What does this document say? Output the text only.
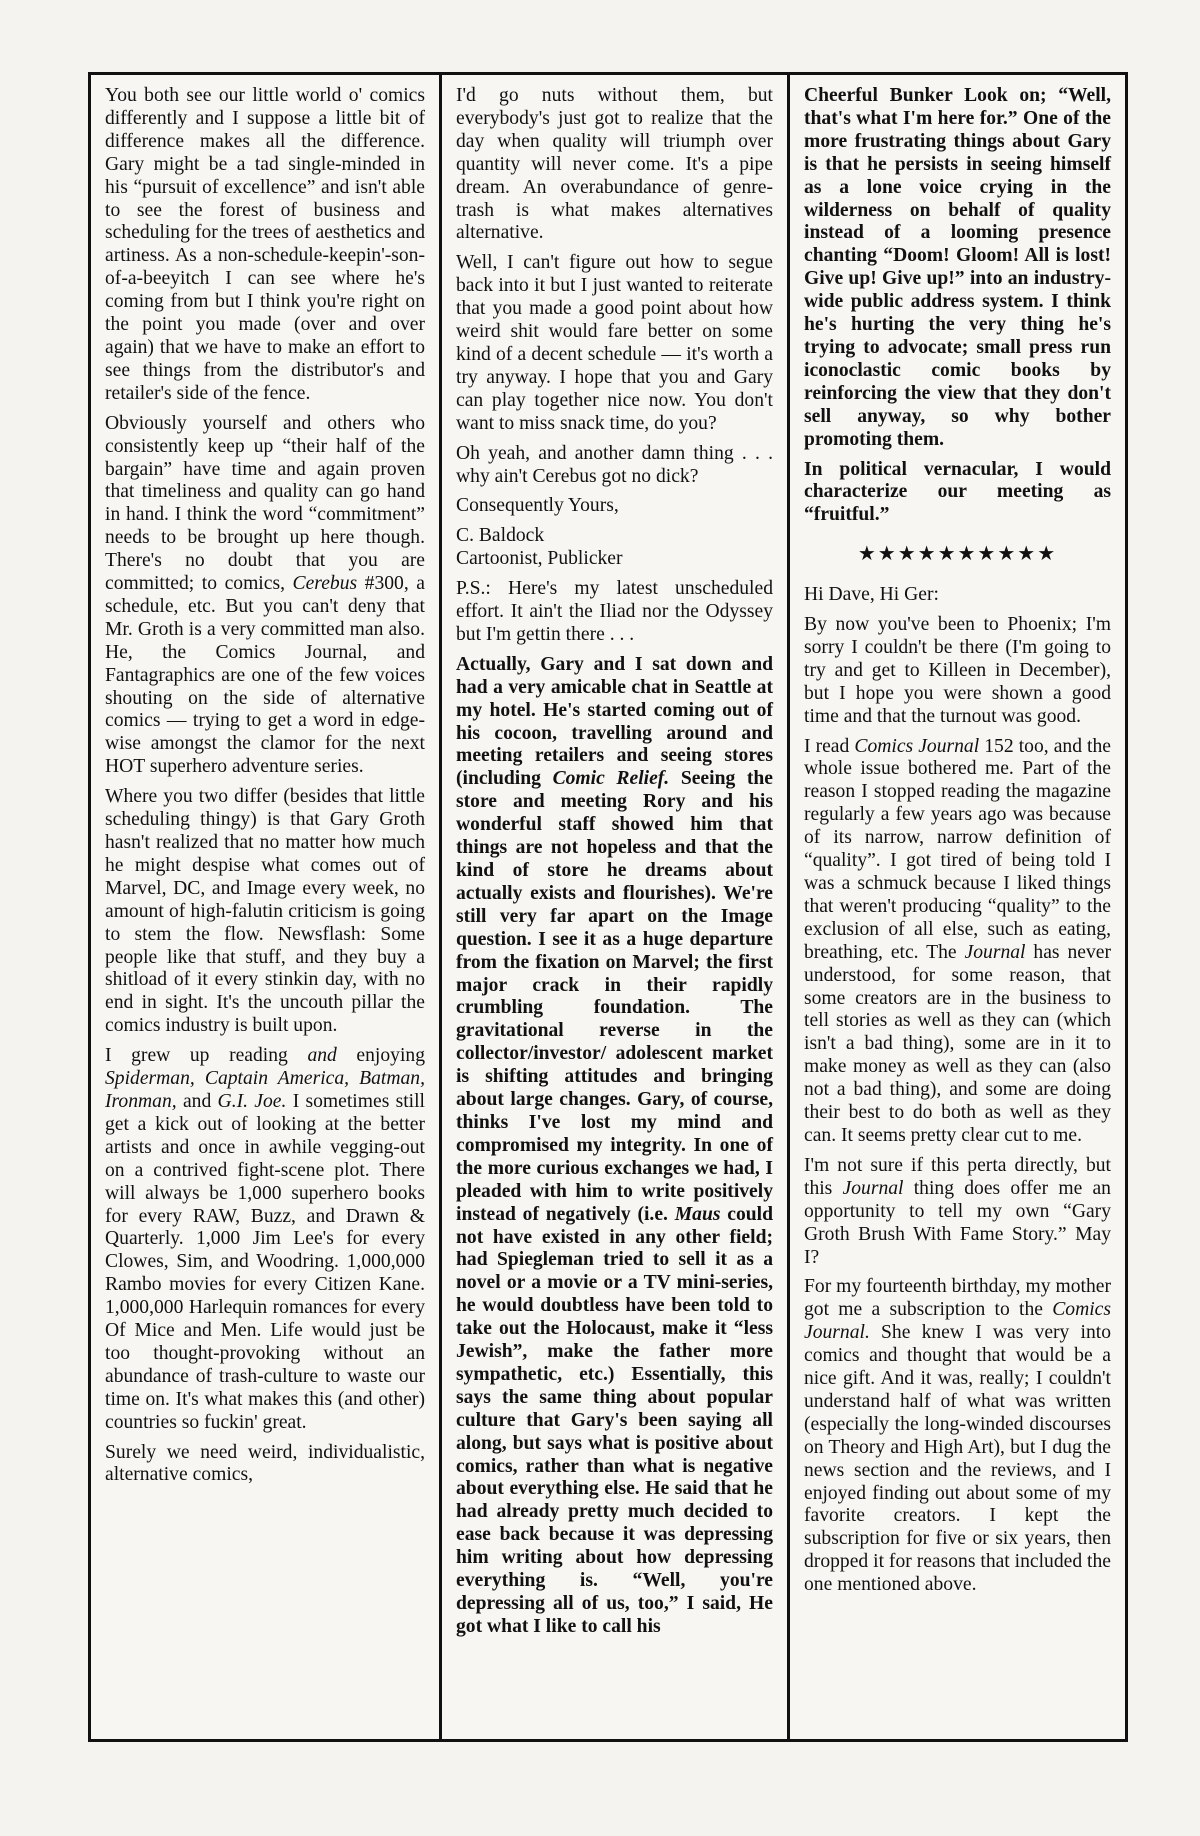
You both see our little world o' comics differently and I suppose a little bit of difference makes all the difference. Gary might be a tad single-minded in his “pursuit of excellence” and isn't able to see the forest of business and scheduling for the trees of aesthetics and artiness. As a non-schedule-keepin'-son-of-a-beeyitch I can see where he's coming from but I think you're right on the point you made (over and over again) that we have to make an effort to see things from the distributor's and retailer's side of the fence.

Obviously yourself and others who consistently keep up “their half of the bargain” have time and again proven that timeliness and quality can go hand in hand. I think the word “commitment” needs to be brought up here though. There's no doubt that you are committed; to comics, Cerebus #300, a schedule, etc. But you can't deny that Mr. Groth is a very committed man also. He, the Comics Journal, and Fantagraphics are one of the few voices shouting on the side of alternative comics — trying to get a word in edge-wise amongst the clamor for the next HOT superhero adventure series.

Where you two differ (besides that little scheduling thingy) is that Gary Groth hasn't realized that no matter how much he might despise what comes out of Marvel, DC, and Image every week, no amount of high-falutin criticism is going to stem the flow. Newsflash: Some people like that stuff, and they buy a shitload of it every stinkin day, with no end in sight. It's the uncouth pillar the comics industry is built upon.

I grew up reading and enjoying Spiderman, Captain America, Batman, Ironman, and G.I. Joe. I sometimes still get a kick out of looking at the better artists and once in awhile vegging-out on a contrived fight-scene plot. There will always be 1,000 superhero books for every RAW, Buzz, and Drawn & Quarterly. 1,000 Jim Lee's for every Clowes, Sim, and Woodring. 1,000,000 Rambo movies for every Citizen Kane. 1,000,000 Harlequin romances for every Of Mice and Men. Life would just be too thought-provoking without an abundance of trash-culture to waste our time on. It's what makes this (and other) countries so fuckin' great.

Surely we need weird, individualistic, alternative comics,

I'd go nuts without them, but everybody's just got to realize that the day when quality will triumph over quantity will never come. It's a pipe dream. An overabundance of genre-trash is what makes alternatives alternative.

Well, I can't figure out how to segue back into it but I just wanted to reiterate that you made a good point about how weird shit would fare better on some kind of a decent schedule — it's worth a try anyway. I hope that you and Gary can play together nice now. You don't want to miss snack time, do you?

Oh yeah, and another damn thing . . . why ain't Cerebus got no dick?

Consequently Yours,

C. Baldock

Cartoonist, Publicker

P.S.: Here's my latest unscheduled effort. It ain't the Iliad nor the Odyssey but I'm gettin there . . .

Actually, Gary and I sat down and had a very amicable chat in Seattle at my hotel. He's started coming out of his cocoon, travelling around and meeting retailers and seeing stores (including Comic Relief. Seeing the store and meeting Rory and his wonderful staff showed him that things are not hopeless and that the kind of store he dreams about actually exists and flourishes). We're still very far apart on the Image question. I see it as a huge departure from the fixation on Marvel; the first major crack in their rapidly crumbling foundation. The gravitational reverse in the collector/investor/ adolescent market is shifting attitudes and bringing about large changes. Gary, of course, thinks I've lost my mind and compromised my integrity. In one of the more curious exchanges we had, I pleaded with him to write positively instead of negatively (i.e. Maus could not have existed in any other field; had Spiegleman tried to sell it as a novel or a movie or a TV mini-series, he would doubtless have been told to take out the Holocaust, make it “less Jewish”, make the father more sympathetic, etc.) Essentially, this says the same thing about popular culture that Gary's been saying all along, but says what is positive about comics, rather than what is negative about everything else. He said that he had already pretty much decided to ease back because it was depressing him writing about how depressing everything is. “Well, you're depressing all of us, too,” I said, He got what I like to call his

Cheerful Bunker Look on; “Well, that's what I'm here for.” One of the more frustrating things about Gary is that he persists in seeing himself as a lone voice crying in the wilderness on behalf of quality instead of a looming presence chanting “Doom! Gloom! All is lost! Give up! Give up!” into an industry-wide public address system. I think he's hurting the very thing he's trying to advocate; small press run iconoclastic comic books by reinforcing the view that they don't sell anyway, so why bother promoting them.

In political vernacular, I would characterize our meeting as “fruitful.”

★★★★★★★★★★

Hi Dave, Hi Ger:

By now you've been to Phoenix; I'm sorry I couldn't be there (I'm going to try and get to Killeen in December), but I hope you were shown a good time and that the turnout was good.

I read Comics Journal 152 too, and the whole issue bothered me. Part of the reason I stopped reading the magazine regularly a few years ago was because of its narrow, narrow definition of “quality”. I got tired of being told I was a schmuck because I liked things that weren't producing “quality” to the exclusion of all else, such as eating, breathing, etc. The Journal has never understood, for some reason, that some creators are in the business to tell stories as well as they can (which isn't a bad thing), some are in it to make money as well as they can (also not a bad thing), and some are doing their best to do both as well as they can. It seems pretty clear cut to me.

I'm not sure if this perta directly, but this Journal thing does offer me an opportunity to tell my own “Gary Groth Brush With Fame Story.” May I?

For my fourteenth birthday, my mother got me a subscription to the Comics Journal. She knew I was very into comics and thought that would be a nice gift. And it was, really; I couldn't understand half of what was written (especially the long-winded discourses on Theory and High Art), but I dug the news section and the reviews, and I enjoyed finding out about some of my favorite creators. I kept the subscription for five or six years, then dropped it for reasons that included the one mentioned above.
